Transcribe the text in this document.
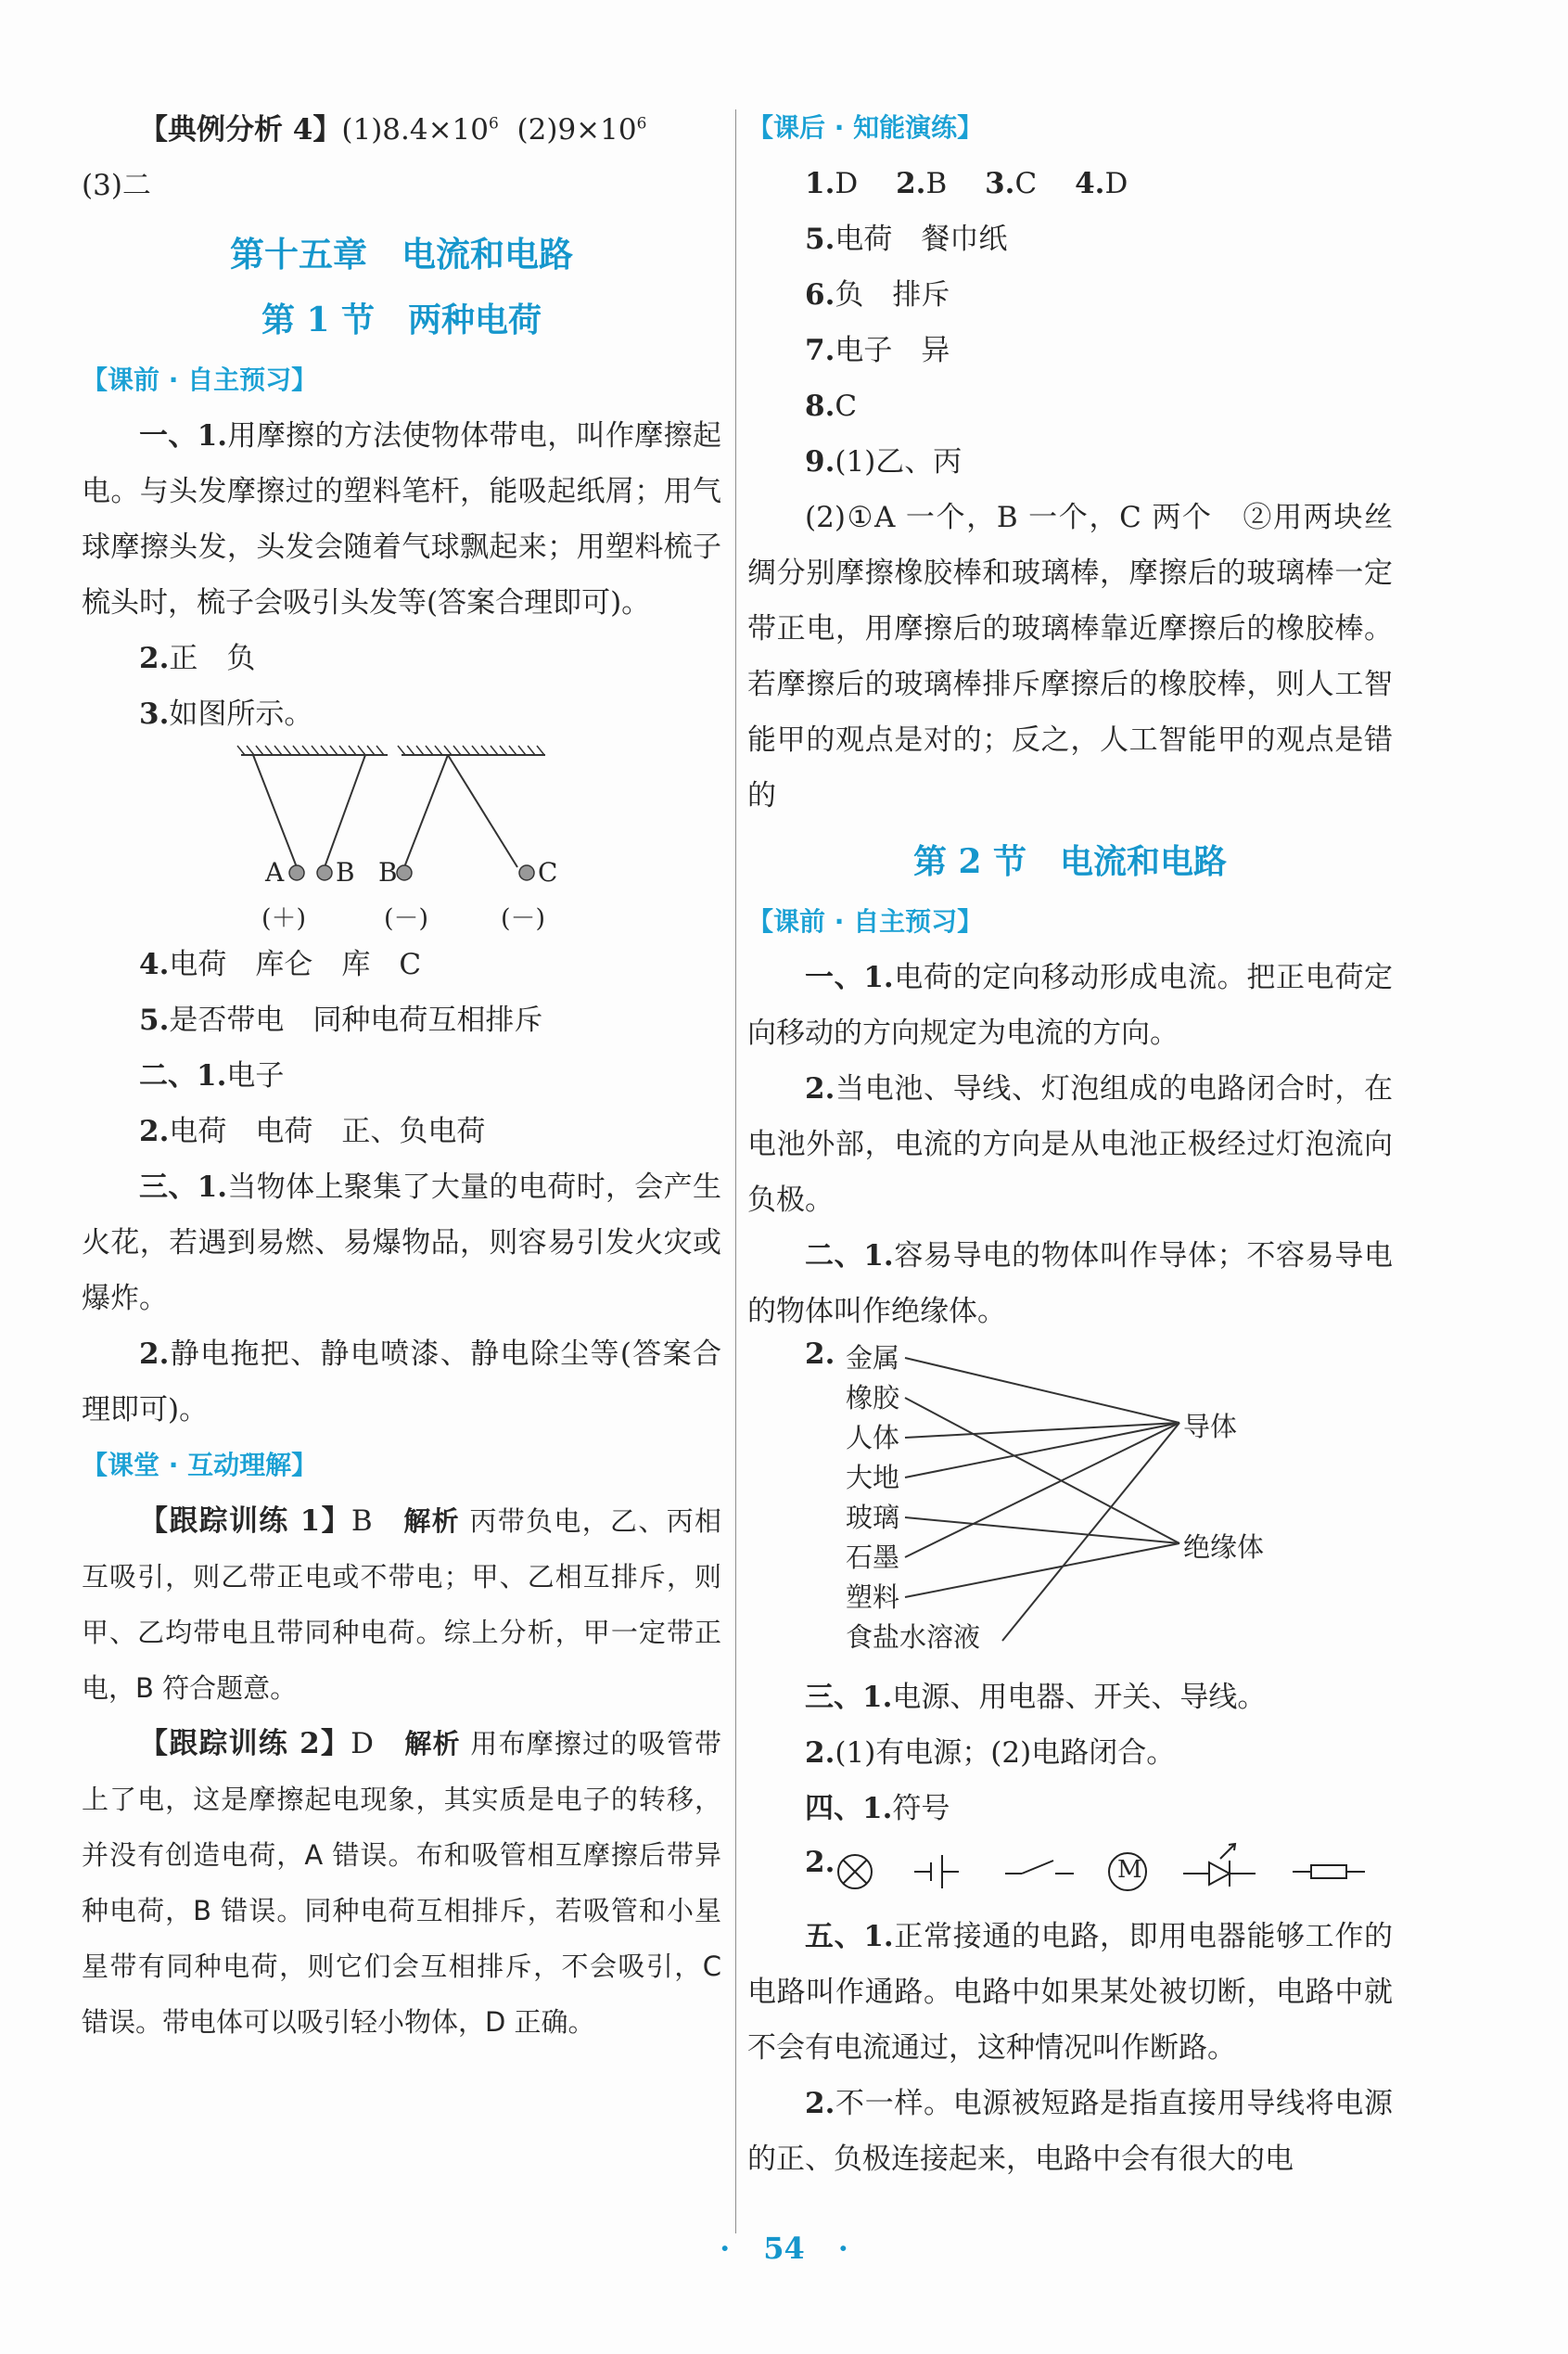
【典例分析 4】$(1)8.4\times 10^6$  $(2)9\times 10^6$

(3)二

第十五章　电流和电路

第 1 节　两种电荷

【课前 · 自主预习】

一、1.用摩擦的方法使物体带电，叫作摩擦起电。与头发摩擦过的塑料笔杆，能吸起纸屑；用气球摩擦头发，头发会随着气球飘起来；用塑料梳子梳头时，梳子会吸引头发等(答案合理即可)。

2.正　负

3.如图所示。

A B B	C
(＋)	(－)	(－)

4.电荷　库仑　库　C

5.是否带电　同种电荷互相排斥

二、1.电子

2.电荷　电荷　正、负电荷

三、1.当物体上聚集了大量的电荷时，会产生火花，若遇到易燃、易爆物品，则容易引发火灾或爆炸。

2.静电拖把、静电喷漆、静电除尘等(答案合理即可)。

【课堂 · 互动理解】

【跟踪训练 1】B　解析 丙带负电，乙、丙相互吸引，则乙带正电或不带电；甲、乙相互排斥，则甲、乙均带电且带同种电荷。综上分析，甲一定带正电，B 符合题意。

【跟踪训练 2】D　解析 用布摩擦过的吸管带上了电，这是摩擦起电现象，其实质是电子的转移，并没有创造电荷，A 错误。布和吸管相互摩擦后带异种电荷，B 错误。同种电荷互相排斥，若吸管和小星星带有同种电荷，则它们会互相排斥，不会吸引，C 错误。带电体可以吸引轻小物体，D 正确。

【课后 · 知能演练】

1.D　 2.B　 3.C　 4.D

5.电荷　餐巾纸

6.负　排斥

7.电子　异

8.C

9.(1)乙、丙

(2)①A 一个，B 一个，C 两个　②用两块丝绸分别摩擦橡胶棒和玻璃棒，摩擦后的玻璃棒一定带正电，用摩擦后的玻璃棒靠近摩擦后的橡胶棒。若摩擦后的玻璃棒排斥摩擦后的橡胶棒，则人工智能甲的观点是对的；反之，人工智能甲的观点是错的

第 2 节　电流和电路

【课前 · 自主预习】

一、1.电荷的定向移动形成电流。把正电荷定向移动的方向规定为电流的方向。

2.当电池、导线、灯泡组成的电路闭合时，在电池外部，电流的方向是从电池正极经过灯泡流向负极。

二、1.容易导电的物体叫作导体；不容易导电的物体叫作绝缘体。

2. 金属
橡胶
人体
大地
玻璃
石墨
塑料
食盐水溶液
导体
绝缘体

三、1.电源、用电器、开关、导线。

2.(1)有电源；(2)电路闭合。

四、1.符号

2.	M

五、1.正常接通的电路，即用电器能够工作的电路叫作通路。电路中如果某处被切断，电路中就不会有电流通过，这种情况叫作断路。

2.不一样。电源被短路是指直接用导线将电源的正、负极连接起来，电路中会有很大的电

· 54 ·
